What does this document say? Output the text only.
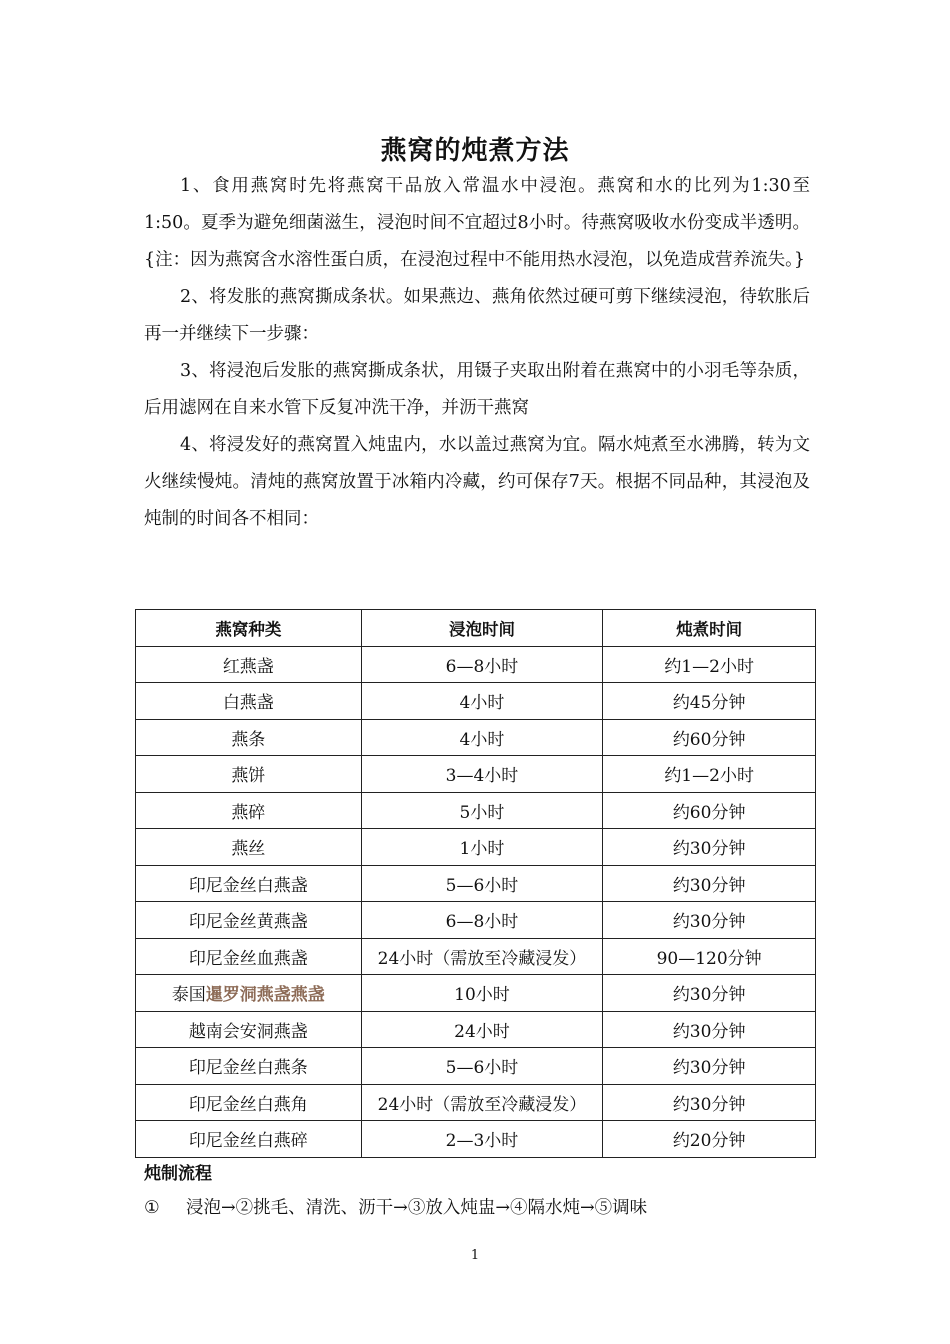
燕窝的炖煮方法

1、食用燕窝时先将燕窝干品放入常温水中浸泡。燕窝和水的比列为1:30至1:50。夏季为避免细菌滋生，浸泡时间不宜超过8小时。待燕窝吸收水份变成半透明。{注：因为燕窝含水溶性蛋白质，在浸泡过程中不能用热水浸泡，以免造成营养流失。}

2、将发胀的燕窝撕成条状。如果燕边、燕角依然过硬可剪下继续浸泡，待软胀后再一并继续下一步骤：

3、将浸泡后发胀的燕窝撕成条状，用镊子夹取出附着在燕窝中的小羽毛等杂质，后用滤网在自来水管下反复冲洗干净，并沥干燕窝

4、将浸发好的燕窝置入炖盅内，水以盖过燕窝为宜。隔水炖煮至水沸腾，转为文火继续慢炖。清炖的燕窝放置于冰箱内冷藏，约可保存7天。根据不同品种，其浸泡及炖制的时间各不相同：

燕窝种类	浸泡时间	炖煮时间
红燕盏	6—8小时	约1—2小时
白燕盏	4小时	约45分钟
燕条	4小时	约60分钟
燕饼	3—4小时	约1—2小时
燕碎	5小时	约60分钟
燕丝	1小时	约30分钟
印尼金丝白燕盏	5—6小时	约30分钟
印尼金丝黄燕盏	6—8小时	约30分钟
印尼金丝血燕盏	24小时（需放至冷藏浸发）	90—120分钟
泰国暹罗洞燕盏燕盏	10小时	约30分钟
越南会安洞燕盏	24小时	约30分钟
印尼金丝白燕条	5—6小时	约30分钟
印尼金丝白燕角	24小时（需放至冷藏浸发）	约30分钟
印尼金丝白燕碎	2—3小时	约20分钟
炖制流程
① 浸泡→②挑毛、清洗、沥干→③放入炖盅→④隔水炖→⑤调味
1
